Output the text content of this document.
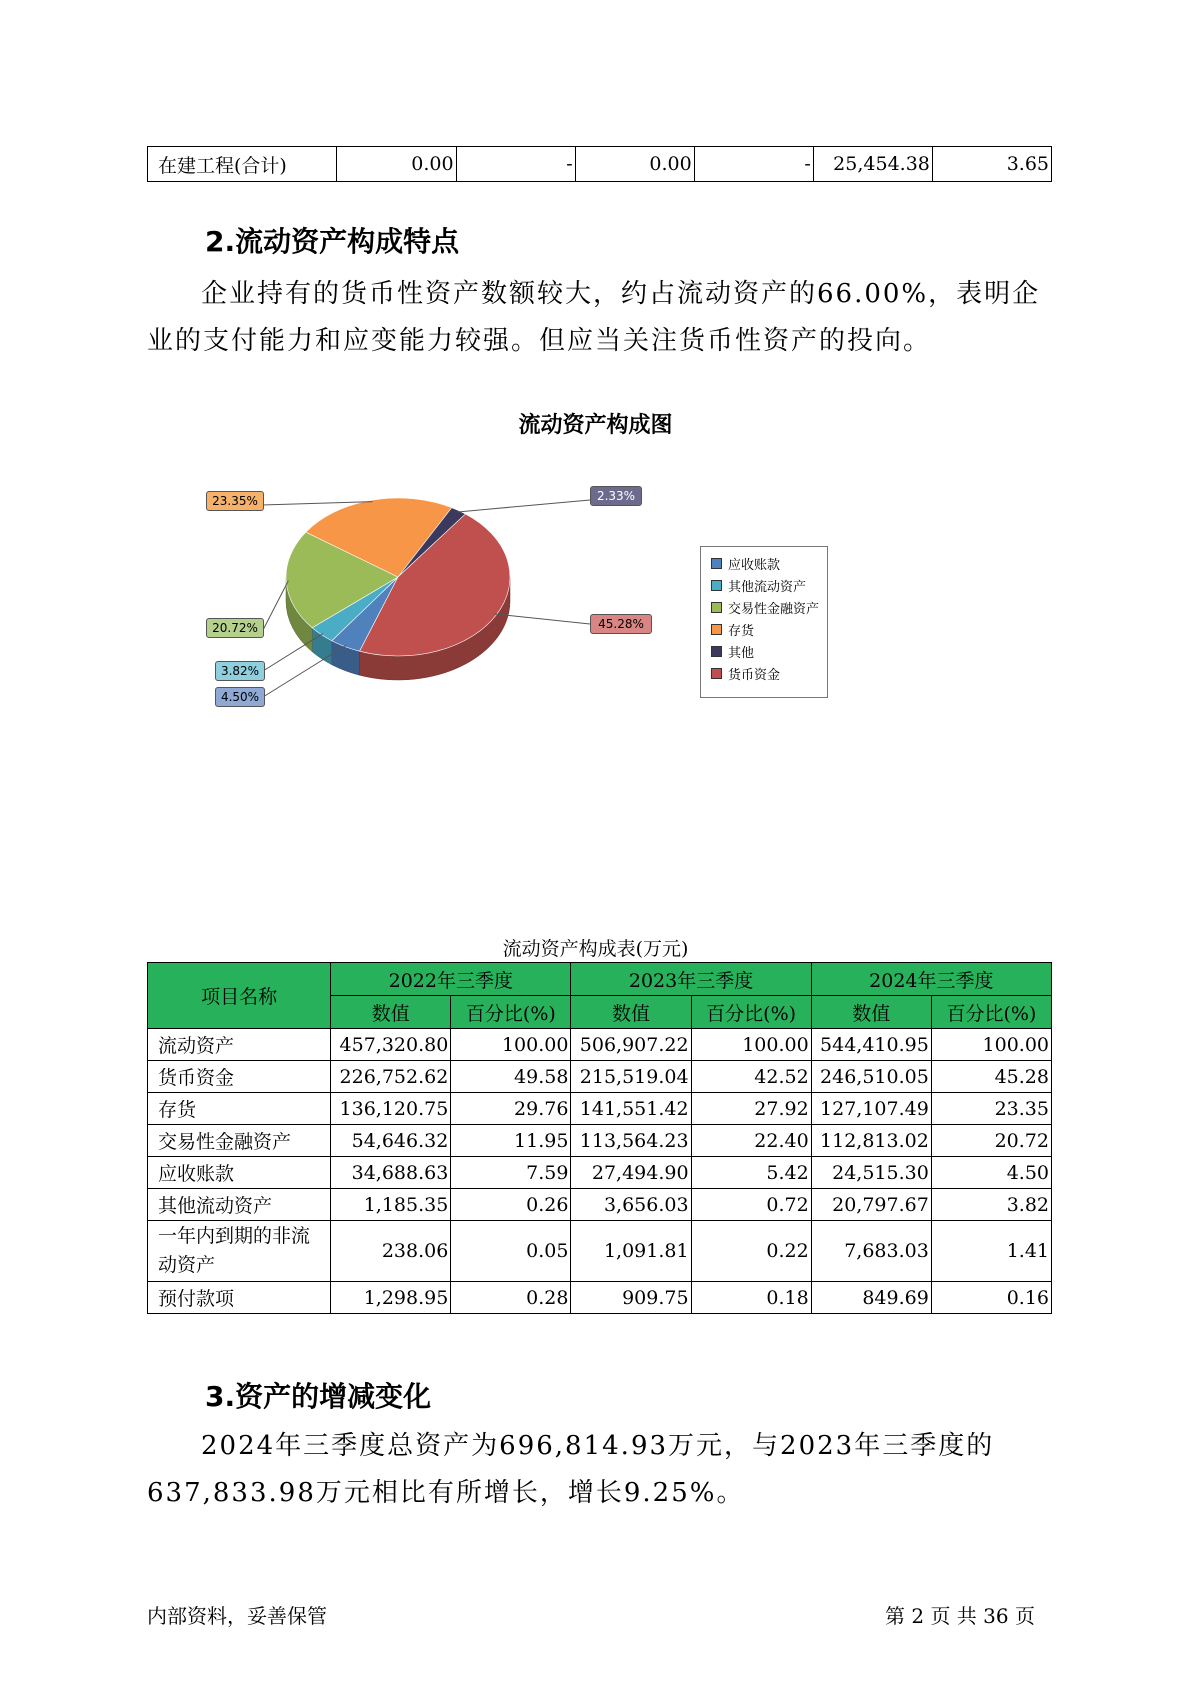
在建工程(合计)	0.00	-	0.00	-	25,454.38	3.65
2.流动资产构成特点

企业持有的货币性资产数额较大，约占流动资产的66.00%，表明企业的支付能力和应变能力较强。但应当关注货币性资产的投向。

流动资产构成图
23.35%	2.33%
45.28%
20.72%
3.82%
4.50%
应收账款
其他流动资产
交易性金融资产
存货
其他
货币资金
流动资产构成表(万元)
项目名称	2022年三季度		2023年三季度		2024年三季度	
	数值	百分比(%)	数值	百分比(%)	数值	百分比(%)
流动资产	457,320.80	100.00	506,907.22	100.00	544,410.95	100.00
货币资金	226,752.62	49.58	215,519.04	42.52	246,510.05	45.28
存货	136,120.75	29.76	141,551.42	27.92	127,107.49	23.35
交易性金融资产	54,646.32	11.95	113,564.23	22.40	112,813.02	20.72
应收账款	34,688.63	7.59	27,494.90	5.42	24,515.30	4.50
其他流动资产	1,185.35	0.26	3,656.03	0.72	20,797.67	3.82
一年内到期的非流动资产	238.06	0.05	1,091.81	0.22	7,683.03	1.41
预付款项	1,298.95	0.28	909.75	0.18	849.69	0.16
3.资产的增减变化

2024年三季度总资产为696,814.93万元，与2023年三季度的637,833.98万元相比有所增长，增长9.25%。

内部资料，妥善保管	第 2 页 共 36 页
